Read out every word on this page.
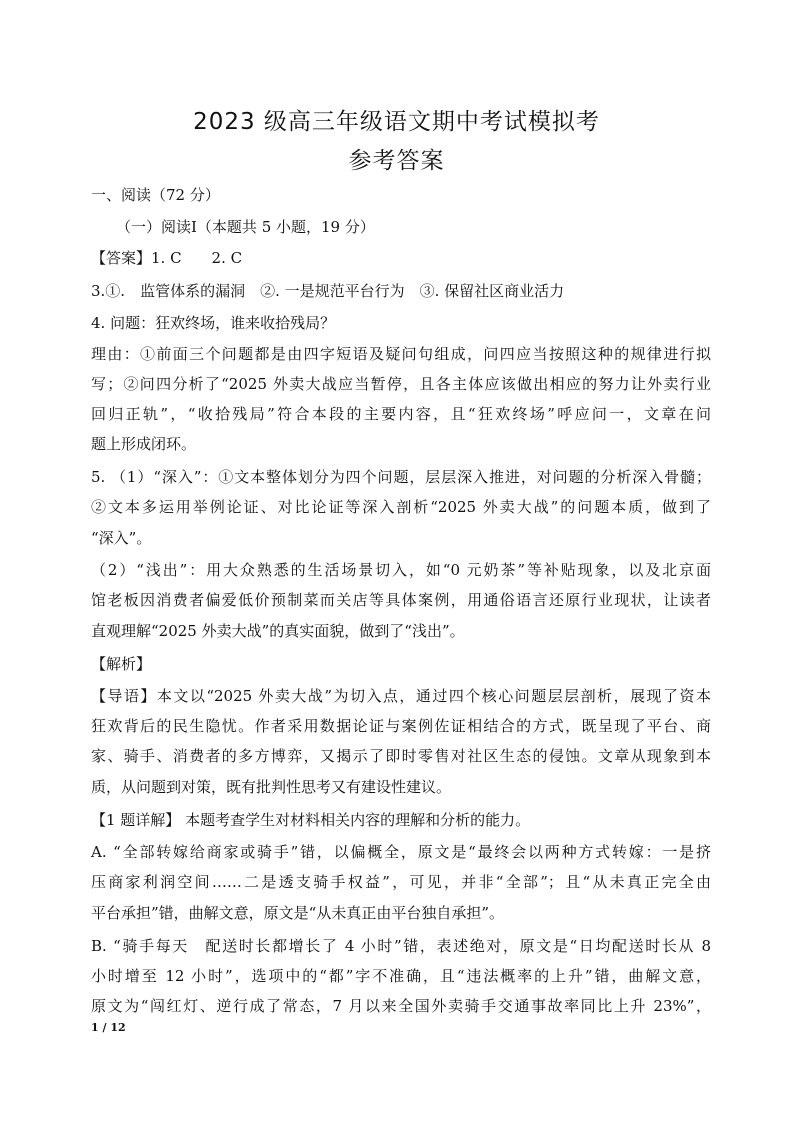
2023 级高三年级语文期中考试模拟考
参考答案
一、阅读（72 分）
（一）阅读Ⅰ（本题共 5 小题，19 分）
【答案】1. C　　2. C
3.①.　监管体系的漏洞　②. 一是规范平台行为　③. 保留社区商业活力
4. 问题：狂欢终场，谁来收拾残局？
理由：①前面三个问题都是由四字短语及疑问句组成，问四应当按照这种的规律进行拟
写；②问四分析了“2025 外卖大战应当暂停，且各主体应该做出相应的努力让外卖行业
回归正轨”，“收拾残局”符合本段的主要内容，且“狂欢终场”呼应问一，文章在问
题上形成闭环。
5. （1）“深入”：①文本整体划分为四个问题，层层深入推进，对问题的分析深入骨髓；
②文本多运用举例论证、对比论证等深入剖析“2025 外卖大战”的问题本质，做到了
“深入”。
（2）“浅出”：用大众熟悉的生活场景切入，如“0 元奶茶”等补贴现象，以及北京面
馆老板因消费者偏爱低价预制菜而关店等具体案例，用通俗语言还原行业现状，让读者
直观理解“2025 外卖大战”的真实面貌，做到了“浅出”。
【解析】
【导语】本文以“2025 外卖大战”为切入点，通过四个核心问题层层剖析，展现了资本
狂欢背后的民生隐忧。作者采用数据论证与案例佐证相结合的方式，既呈现了平台、商
家、骑手、消费者的多方博弈，又揭示了即时零售对社区生态的侵蚀。文章从现象到本
质，从问题到对策，既有批判性思考又有建设性建议。
【1 题详解】 本题考查学生对材料相关内容的理解和分析的能力。
A. “全部转嫁给商家或骑手”错，以偏概全，原文是“最终会以两种方式转嫁：一是挤
压商家利润空间……二是透支骑手权益”，可见，并非“全部”；且“从未真正完全由
平台承担”错，曲解文意，原文是“从未真正由平台独自承担”。
B. “骑手每天　配送时长都增长了 4 小时”错，表述绝对，原文是“日均配送时长从 8
小时增至 12 小时”，选项中的“都”字不准确，且“违法概率的上升”错，曲解文意，
原文为“闯红灯、逆行成了常态，7 月以来全国外卖骑手交通事故率同比上升 23%”，
1 / 12
